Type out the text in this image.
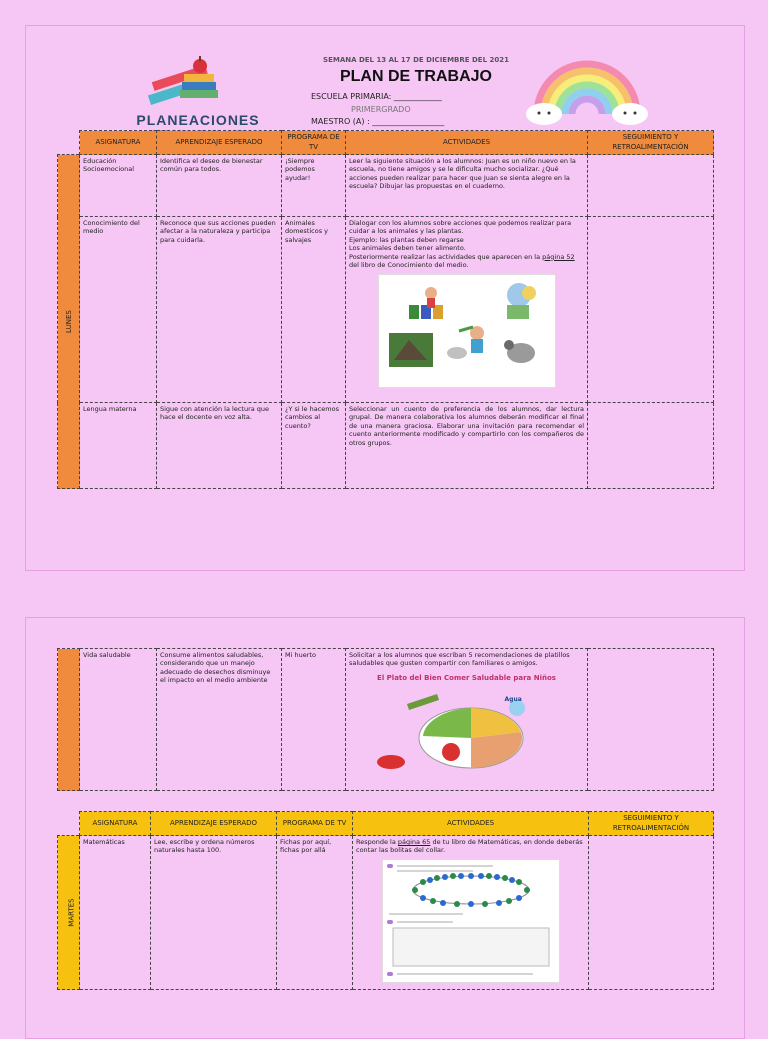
PLANEACIONES
SEMANA DEL 13 AL 17 DE DICIEMBRE DEL 2021
PLAN DE TRABAJO
ESCUELA PRIMARIA: ____________
PRIMERGRADO
MAESTRO (A) : __________________
	ASIGNATURA	APRENDIZAJE ESPERADO	PROGRAMA DE TV	ACTIVIDADES	SEGUIMIENTO Y RETROALIMENTACIÓN
LUNES	Educación Socioemocional	Identifica el deseo de bienestar común para todos.	¡Siempre podemos ayudar!	Leer la siguiente situación a los alumnos: Juan es un niño nuevo en la escuela, no tiene amigos y se le dificulta mucho socializar. ¿Qué acciones pueden realizar para hacer que Juan se sienta alegre en la escuela? Dibujar las propuestas en el cuaderno.	
	Conocimiento del medio	Reconoce que sus acciones pueden afectar a la naturaleza y participa para cuidarla.	Animales domesticos y salvajes	Dialogar con los alumnos sobre acciones que podemos realizar para cuidar a los animales y las plantas.
Ejemplo: las plantas deben regarse
Los animales deben tener alimento.
Posteriormente realizar las actividades que aparecen en la página 52 del libro de Conocimiento del medio.	

	Lengua materna	Sigue con atención la lectura que hace el docente en voz alta.	¿Y si le hacemos cambios al cuento?	Seleccionar un cuento de preferencia de los alumnos, dar lectura grupal. De manera colaborativa los alumnos deberán modificar el final de una manera graciosa. Elaborar una invitación para recomendar el cuento anteriormente modificado y compartirlo con los compañeros de otros grupos.	
	Vida saludable	Consume alimentos saludables, considerando que un manejo adecuado de desechos disminuye el impacto en el medio ambiente	Mi huerto	Solicitar a los alumnos que escriban 5 recomendaciones de platillos saludables que gusten compartir con familiares o amigos.
El Plato del Bien Comer Saludable para Niños
Agua

	ASIGNATURA	APRENDIZAJE ESPERADO	PROGRAMA DE TV	ACTIVIDADES	SEGUIMIENTO Y RETROALIMENTACIÓN
MARTES	Matemáticas	Lee, escribe y ordena números naturales hasta 100.	Fichas por aquí, fichas por allá	Responde la página 65 de tu libro de Matemáticas, en donde deberás contar las bolitas del collar.	
